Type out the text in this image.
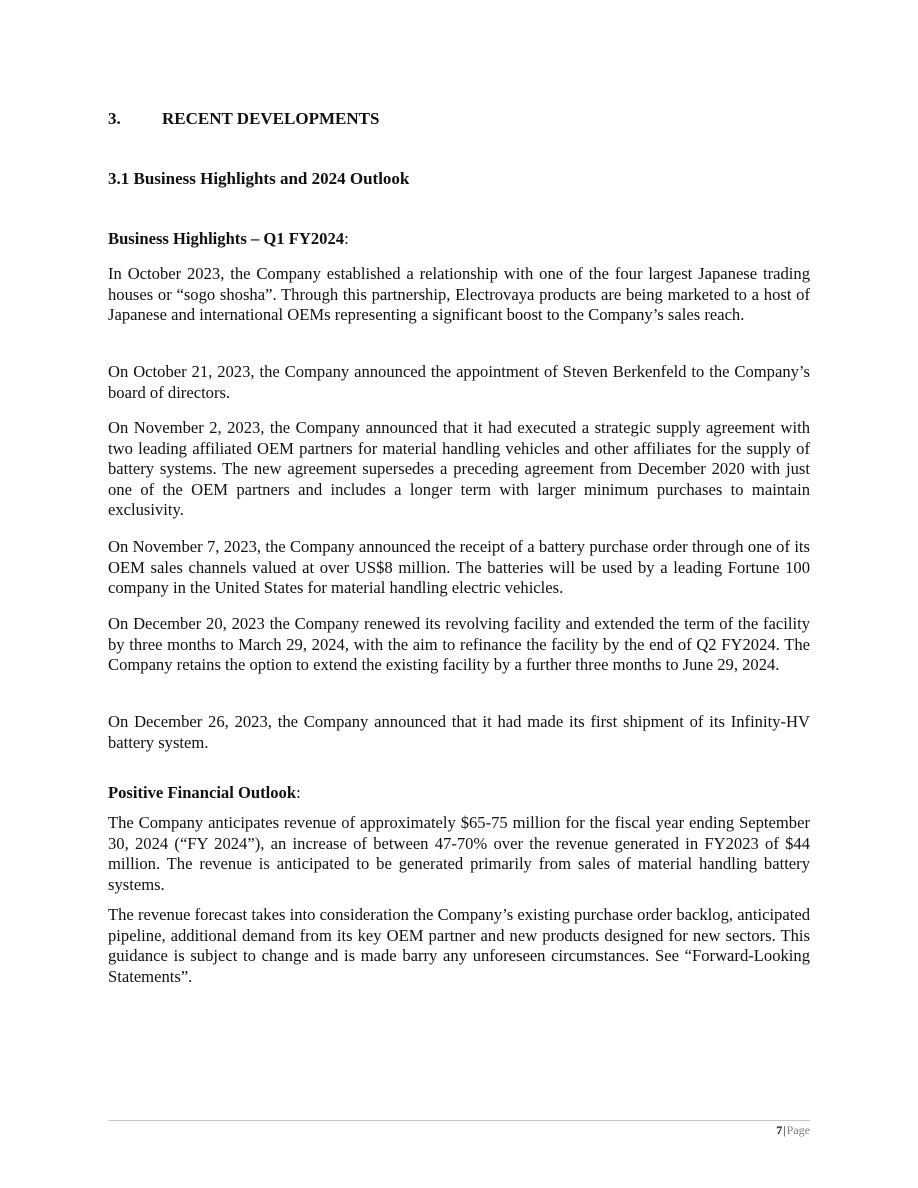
3. RECENT DEVELOPMENTS
3.1 Business Highlights and 2024 Outlook
Business Highlights – Q1 FY2024:

In October 2023, the Company established a relationship with one of the four largest Japanese trading houses or “sogo shosha”. Through this partnership, Electrovaya products are being marketed to a host of Japanese and international OEMs representing a significant boost to the Company’s sales reach.

On October 21, 2023, the Company announced the appointment of Steven Berkenfeld to the Company’s board of directors.

On November 2, 2023, the Company announced that it had executed a strategic supply agreement with two leading affiliated OEM partners for material handling vehicles and other affiliates for the supply of battery systems. The new agreement supersedes a preceding agreement from December 2020 with just one of the OEM partners and includes a longer term with larger minimum purchases to maintain exclusivity.

On November 7, 2023, the Company announced the receipt of a battery purchase order through one of its OEM sales channels valued at over US$8 million. The batteries will be used by a leading Fortune 100 company in the United States for material handling electric vehicles.

On December 20, 2023 the Company renewed its revolving facility and extended the term of the facility by three months to March 29, 2024, with the aim to refinance the facility by the end of Q2 FY2024. The Company retains the option to extend the existing facility by a further three months to June 29, 2024.

On December 26, 2023, the Company announced that it had made its first shipment of its Infinity-HV battery system.

Positive Financial Outlook:

The Company anticipates revenue of approximately $65-75 million for the fiscal year ending September 30, 2024 (“FY 2024”), an increase of between 47-70% over the revenue generated in FY2023 of $44 million. The revenue is anticipated to be generated primarily from sales of material handling battery systems.

The revenue forecast takes into consideration the Company’s existing purchase order backlog, anticipated pipeline, additional demand from its key OEM partner and new products designed for new sectors. This guidance is subject to change and is made barry any unforeseen circumstances. See “Forward-Looking Statements”.

7|Page
